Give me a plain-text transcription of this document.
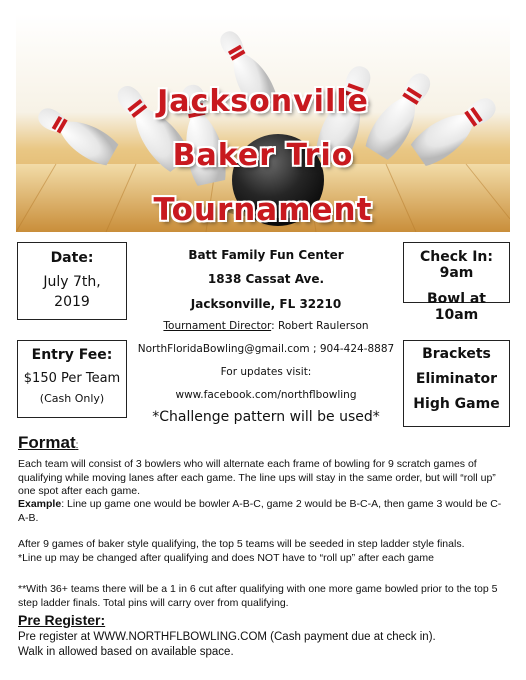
Jacksonville
Baker Trio
Tournament
Date:
July 7th,
2019
Batt Family Fun Center
1838 Cassat Ave.
Jacksonville, FL 32210
Tournament Director: Robert Raulerson
NorthFloridaBowling@gmail.com ; 904-424-8887
For updates visit:
www.facebook.com/northflbowling
*Challenge pattern will be used*
Check In: 9am
Bowl at 10am
Entry Fee:
$150 Per Team
(Cash Only)
Brackets
Eliminator
High Game
Format:
Each team will consist of 3 bowlers who will alternate each frame of bowling for 9 scratch games of qualifying while moving lanes after each game. The line ups will stay in the same order, but will “roll up” one spot after each game.
Example: Line up game one would be bowler A-B-C, game 2 would be B-C-A, then game 3 would be C-A-B.
After 9 games of baker style qualifying, the top 5 teams will be seeded in step ladder style finals.
*Line up may be changed after qualifying and does NOT have to “roll up” after each game
**With 36+ teams there will be a 1 in 6 cut after qualifying with one more game bowled prior to the top 5 step ladder finals. Total pins will carry over from qualifying.
Pre Register:
Pre register at WWW.NORTHFLBOWLING.COM (Cash payment due at check in).
Walk in allowed based on available space.
